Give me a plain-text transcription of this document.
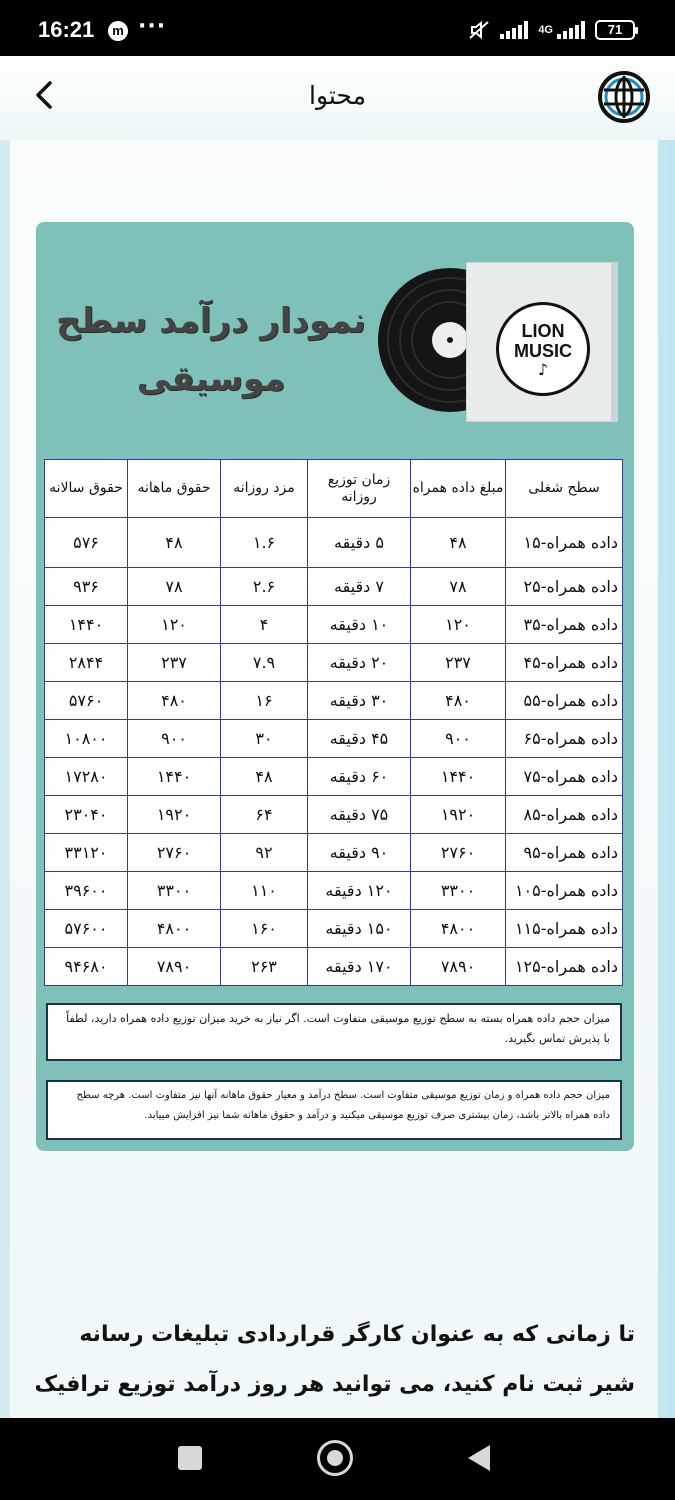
16:21	m ···	4G	71
محتوا
نمودار درآمد سطح موسیقی
LION
MUSIC
♪
سطح شغلی	مبلغ داده همراه	زمان توزیع روزانه	مزد روزانه	حقوق ماهانه	حقوق سالانه
داده همراه-۱۵	۴۸	۵ دقیقه	۱.۶	۴۸	۵۷۶
داده همراه-۲۵	۷۸	۷ دقیقه	۲.۶	۷۸	۹۳۶
داده همراه-۳۵	۱۲۰	۱۰ دقیقه	۴	۱۲۰	۱۴۴۰
داده همراه-۴۵	۲۳۷	۲۰ دقیقه	۷.۹	۲۳۷	۲۸۴۴
داده همراه-۵۵	۴۸۰	۳۰ دقیقه	۱۶	۴۸۰	۵۷۶۰
داده همراه-۶۵	۹۰۰	۴۵ دقیقه	۳۰	۹۰۰	۱۰۸۰۰
داده همراه-۷۵	۱۴۴۰	۶۰ دقیقه	۴۸	۱۴۴۰	۱۷۲۸۰
داده همراه-۸۵	۱۹۲۰	۷۵ دقیقه	۶۴	۱۹۲۰	۲۳۰۴۰
داده همراه-۹۵	۲۷۶۰	۹۰ دقیقه	۹۲	۲۷۶۰	۳۳۱۲۰
داده همراه-۱۰۵	۳۳۰۰	۱۲۰ دقیقه	۱۱۰	۳۳۰۰	۳۹۶۰۰
داده همراه-۱۱۵	۴۸۰۰	۱۵۰ دقیقه	۱۶۰	۴۸۰۰	۵۷۶۰۰
داده همراه-۱۲۵	۷۸۹۰	۱۷۰ دقیقه	۲۶۳	۷۸۹۰	۹۴۶۸۰
میزان حجم داده همراه بسته به سطح توزیع موسیقی متفاوت است. اگر نیاز به خرید میزان توزیع داده همراه دارید، لطفاً با پذیرش تماس بگیرید.
میزان حجم داده همراه و زمان توزیع موسیقی متفاوت است. سطح درآمد و معیار حقوق ماهانه آنها نیز متفاوت است. هرچه سطح داده همراه بالاتر باشد، زمان بیشتری صرف توزیع موسیقی میکنید و درآمد و حقوق ماهانه شما نیز افزایش مییابد.
تا زمانی که به عنوان کارگر قراردادی تبلیغات رسانه شیر ثبت نام کنید، می توانید هر روز درآمد توزیع ترافیک
